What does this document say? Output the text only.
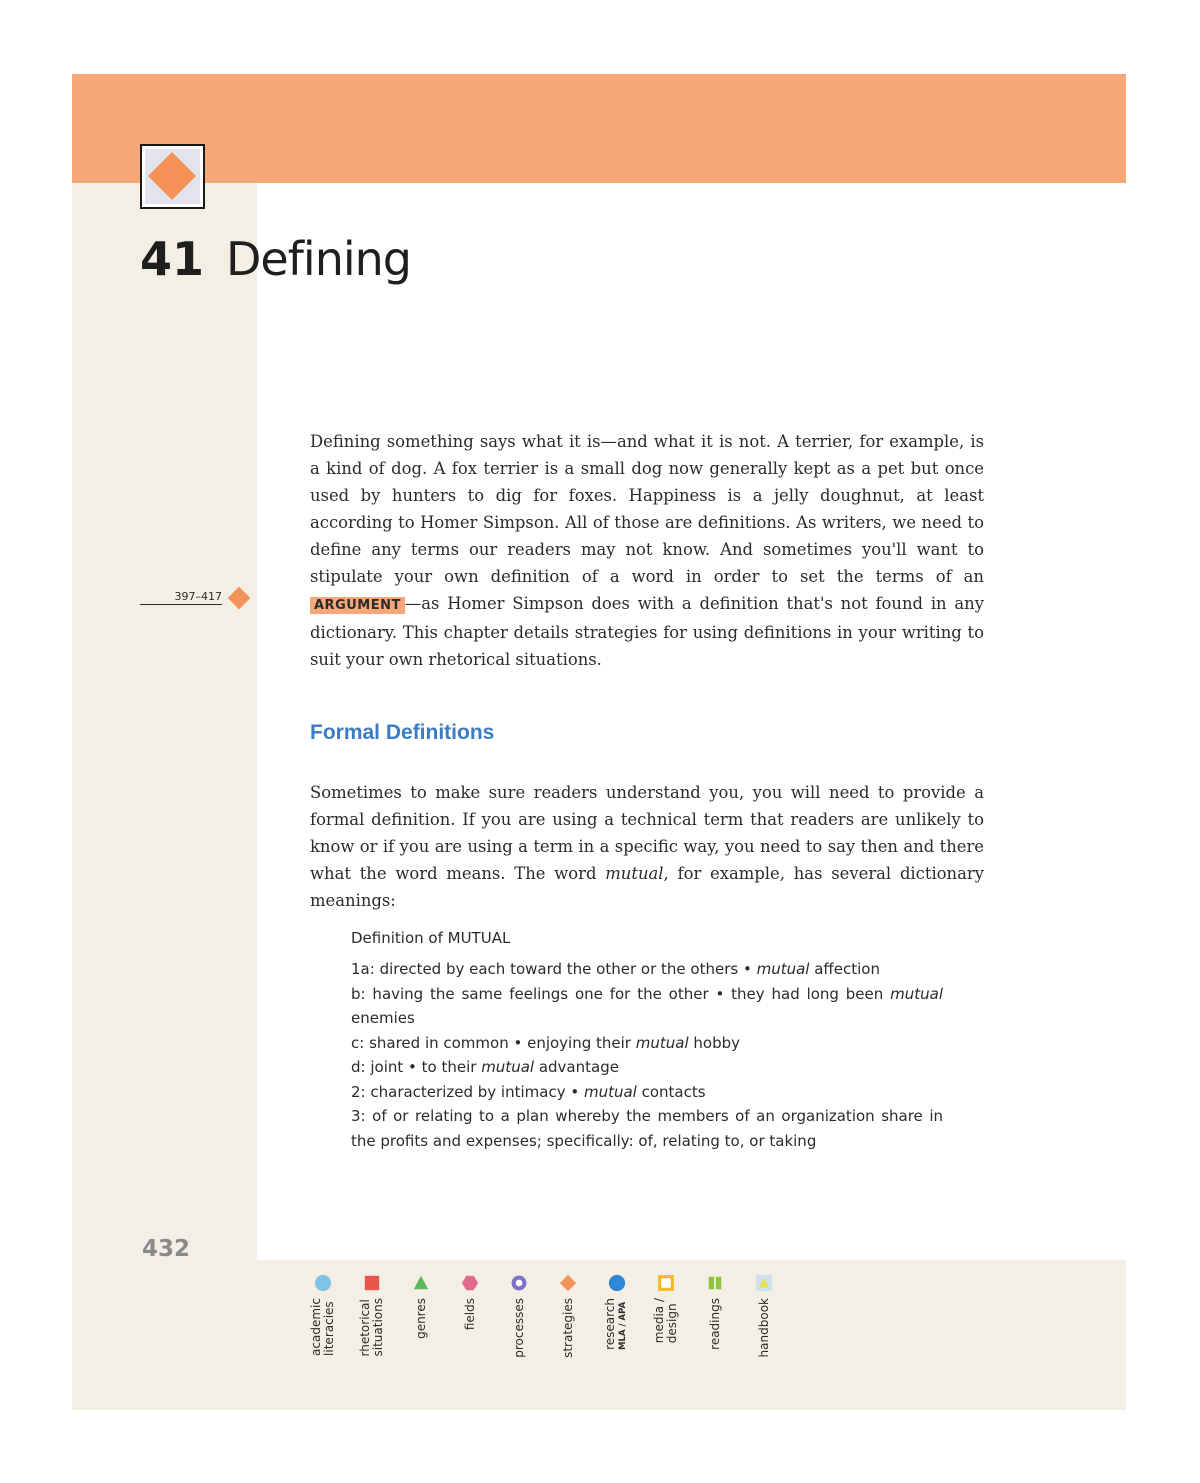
41 Defining

Defining something says what it is—and what it is not. A terrier, for example, is a kind of dog. A fox terrier is a small dog now generally kept as a pet but once used by hunters to dig for foxes. Happiness is a jelly doughnut, at least according to Homer Simpson. All of those are definitions. As writers, we need to define any terms our readers may not know. And sometimes you'll want to stipulate your own definition of a word in order to set the terms of an ARGUMENT —as Homer Simpson does with a definition that's not found in any dictionary. This chapter details strategies for using definitions in your writing to suit your own rhetorical situations.

397–417
Formal Definitions

Sometimes to make sure readers understand you, you will need to provide a formal definition. If you are using a technical term that readers are unlikely to know or if you are using a term in a specific way, you need to say then and there what the word means. The word mutual, for example, has several dictionary meanings:

Definition of MUTUAL

1a: directed by each toward the other or the others • mutual affection

b: having the same feelings one for the other • they had long been mutual enemies

c: shared in common • enjoying their mutual hobby

d: joint • to their mutual advantage

2: characterized by intimacy • mutual contacts

3: of or relating to a plan whereby the members of an organization share in the profits and expenses; specifically: of, relating to, or taking

432
academic
literacies rhetorical
situations genres	fields	processes	strategies research
MLA / APA media /
design readings	handbook
